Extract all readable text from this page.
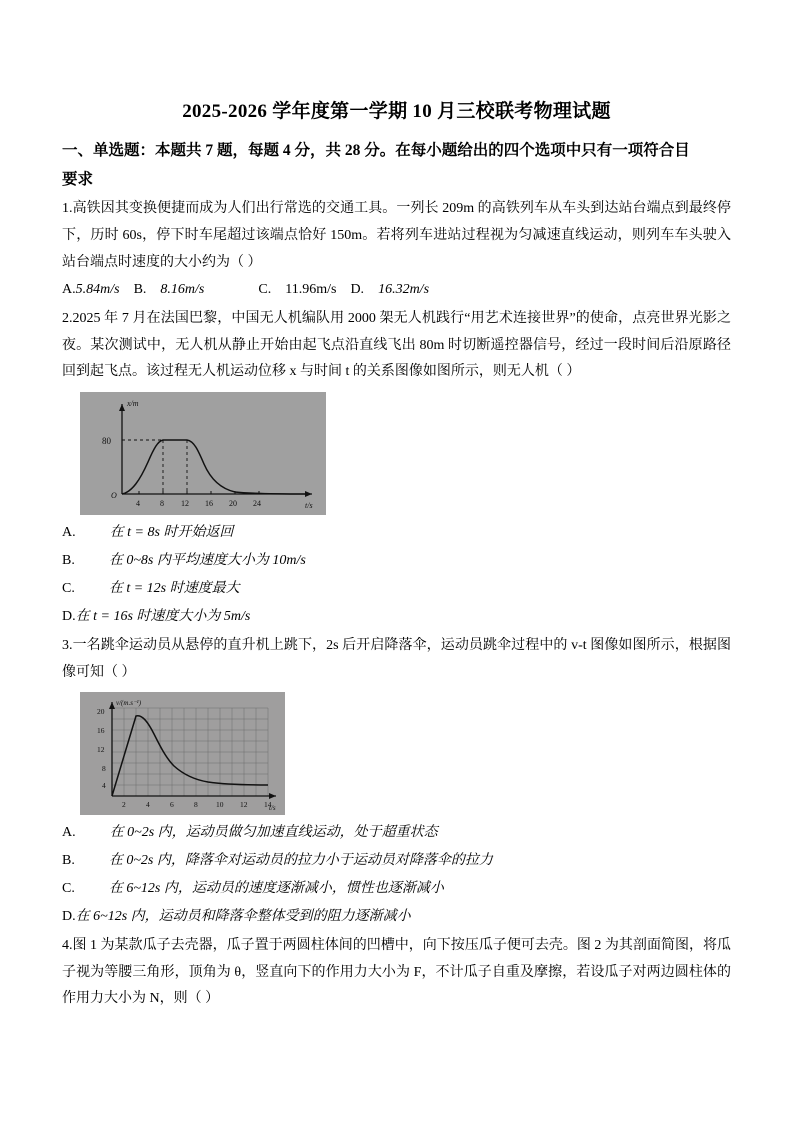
2025-2026 学年度第一学期 10 月三校联考物理试题
一、单选题：本题共 7 题，每题 4 分，共 28 分。在每小题给出的四个选项中只有一项符合目
要求
1.高铁因其变换便捷而成为人们出行常选的交通工具。一列长 209m 的高铁列车从车头到达站台端点到最终停下，历时 60s，停下时车尾超过该端点恰好 150m。若将列车进站过程视为匀减速直线运动，则列车车头驶入站台端点时速度的大小约为（ ）
A.5.84m/s B. 8.16m/s	C. 11.96m/s D. 16.32m/s
2.2025 年 7 月在法国巴黎，中国无人机编队用 2000 架无人机践行“用艺术连接世界”的使命，点亮世界光影之夜。某次测试中，无人机从静止开始由起飞点沿直线飞出 80m 时切断遥控器信号，经过一段时间后沿原路径回到起飞点。该过程无人机运动位移 x 与时间 t 的关系图像如图所示，则无人机（ ）
x/m
t/s
O
80
4	8 12 16 20 24
A. 在 t = 8s 时开始返回
B. 在 0~8s 内平均速度大小为 10m/s
C. 在 t = 12s 时速度最大
D.在 t = 16s 时速度大小为 5m/s
3.一名跳伞运动员从悬停的直升机上跳下，2s 后开启降落伞，运动员跳伞过程中的 v-t 图像如图所示，根据图像可知（ ）
v/(m.s⁻¹)
t/s
20
16
12
8
4
2	4	6	8 10 12 14
A. 在 0~2s 内，运动员做匀加速直线运动，处于超重状态
B. 在 0~2s 内，降落伞对运动员的拉力小于运动员对降落伞的拉力
C. 在 6~12s 内，运动员的速度逐渐减小，惯性也逐渐减小
D.在 6~12s 内，运动员和降落伞整体受到的阻力逐渐减小
4.图 1 为某款瓜子去壳器，瓜子置于两圆柱体间的凹槽中，向下按压瓜子便可去壳。图 2 为其剖面简图，将瓜子视为等腰三角形，顶角为 θ，竖直向下的作用力大小为 F，不计瓜子自重及摩擦，若设瓜子对两边圆柱体的作用力大小为 N，则（ ）
